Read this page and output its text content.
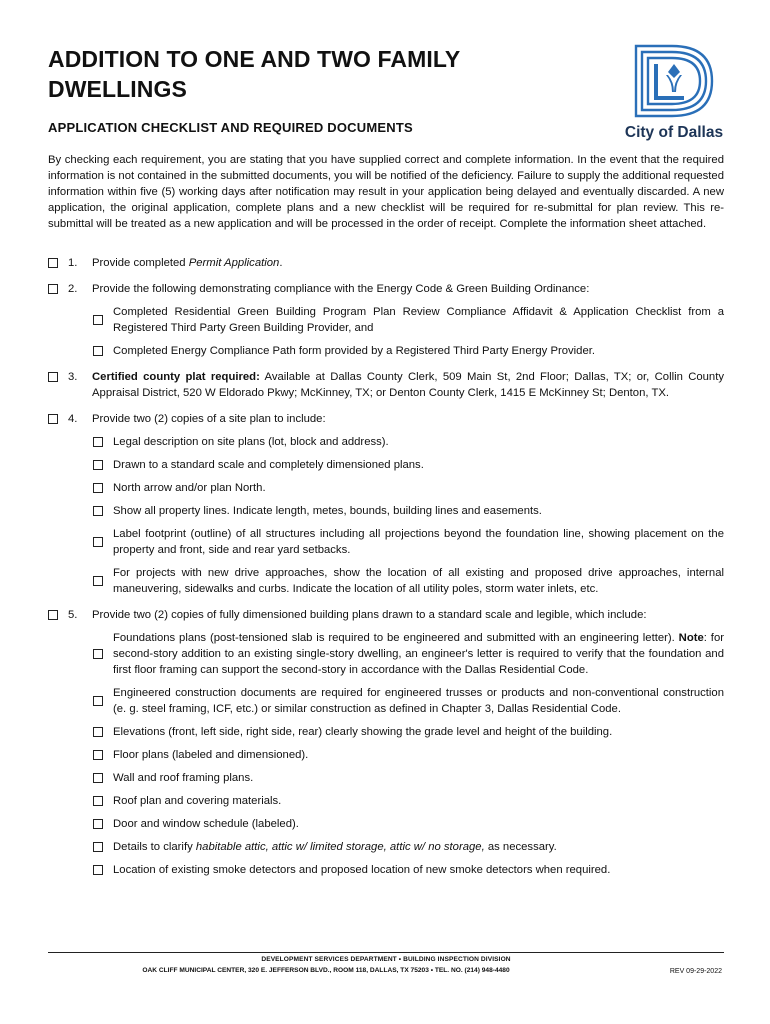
ADDITION TO ONE AND TWO FAMILY DWELLINGS
APPLICATION CHECKLIST AND REQUIRED DOCUMENTS	City of Dallas
By checking each requirement, you are stating that you have supplied correct and complete information. In the event that the required information is not contained in the submitted documents, you will be notified of the deficiency. Failure to supply the additional requested information within five (5) working days after notification may result in your application being delayed and eventually discarded. A new application, the original application, complete plans and a new checklist will be required for re-submittal for plan review. This re-submittal will be treated as a new application and will be processed in the order of receipt. Complete the information sheet attached.
1. Provide completed Permit Application.
2. Provide the following demonstrating compliance with the Energy Code & Green Building Ordinance:
Completed Residential Green Building Program Plan Review Compliance Affidavit & Application Checklist from a Registered Third Party Green Building Provider, and
Completed Energy Compliance Path form provided by a Registered Third Party Energy Provider.
3. Certified county plat required: Available at Dallas County Clerk, 509 Main St, 2nd Floor; Dallas, TX; or, Collin County Appraisal District, 520 W Eldorado Pkwy; McKinney, TX; or Denton County Clerk, 1415 E McKinney St; Denton, TX.
4. Provide two (2) copies of a site plan to include:
Legal description on site plans (lot, block and address).
Drawn to a standard scale and completely dimensioned plans.
North arrow and/or plan North.
Show all property lines. Indicate length, metes, bounds, building lines and easements.
Label footprint (outline) of all structures including all projections beyond the foundation line, showing placement on the property and front, side and rear yard setbacks.
For projects with new drive approaches, show the location of all existing and proposed drive approaches, internal maneuvering, sidewalks and curbs. Indicate the location of all utility poles, storm water inlets, etc.
5. Provide two (2) copies of fully dimensioned building plans drawn to a standard scale and legible, which include:
Foundations plans (post-tensioned slab is required to be engineered and submitted with an engineering letter). Note: for second-story addition to an existing single-story dwelling, an engineer's letter is required to verify that the foundation and first floor framing can support the second-story in accordance with the Dallas Residential Code.
Engineered construction documents are required for engineered trusses or products and non-conventional construction (e. g. steel framing, ICF, etc.) or similar construction as defined in Chapter 3, Dallas Residential Code.
Elevations (front, left side, right side, rear) clearly showing the grade level and height of the building.
Floor plans (labeled and dimensioned).
Wall and roof framing plans.
Roof plan and covering materials.
Door and window schedule (labeled).
Details to clarify habitable attic, attic w/ limited storage, attic w/ no storage, as necessary.
Location of existing smoke detectors and proposed location of new smoke detectors when required.
DEVELOPMENT SERVICES DEPARTMENT • BUILDING INSPECTION DIVISION
OAK CLIFF MUNICIPAL CENTER, 320 E. JEFFERSON BLVD., ROOM 118, DALLAS, TX 75203 • TEL. NO. (214) 948-4480	REV 09-29-2022
